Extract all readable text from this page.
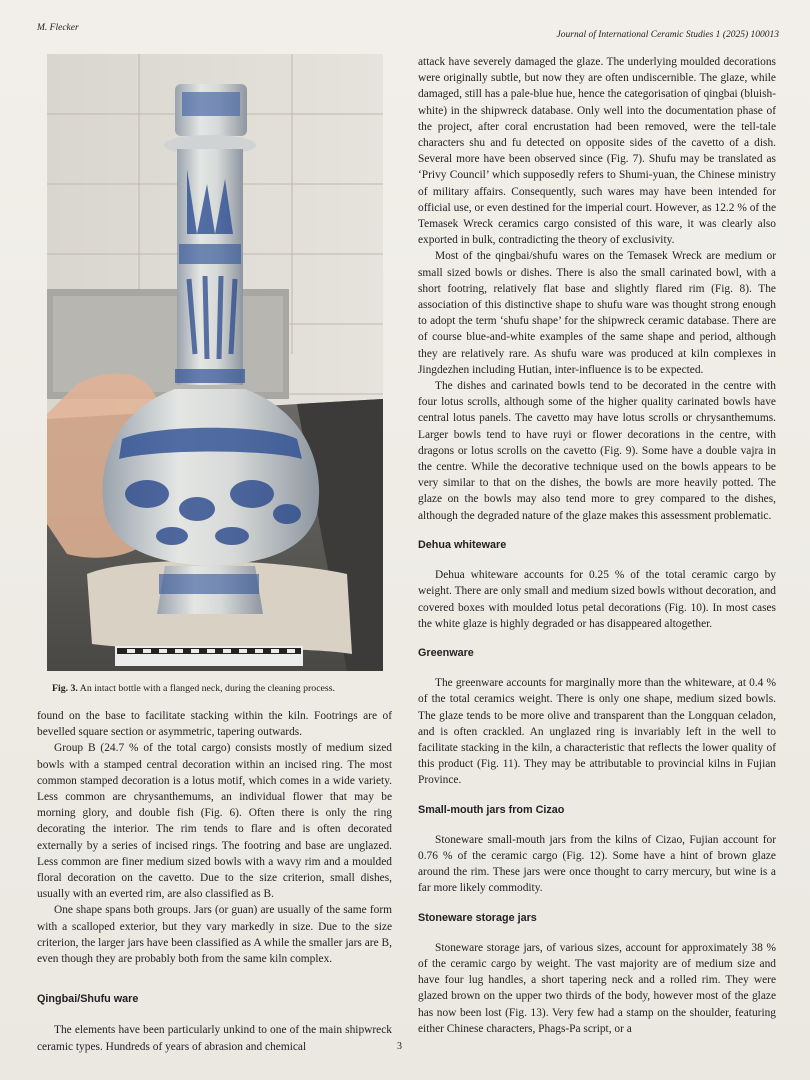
M. Flecker
Journal of International Ceramic Studies 1 (2025) 100013
Fig. 3. An intact bottle with a flanged neck, during the cleaning process.

found on the base to facilitate stacking within the kiln. Footrings are of bevelled square section or asymmetric, tapering outwards.

Group B (24.7 % of the total cargo) consists mostly of medium sized bowls with a stamped central decoration within an incised ring. The most common stamped decoration is a lotus motif, which comes in a wide variety. Less common are chrysanthemums, an individual flower that may be morning glory, and double fish (Fig. 6). Often there is only the ring decorating the interior. The rim tends to flare and is often decorated externally by a series of incised rings. The footring and base are unglazed. Less common are finer medium sized bowls with a wavy rim and a moulded floral decoration on the cavetto. Due to the size criterion, small dishes, usually with an everted rim, are also classified as B.

One shape spans both groups. Jars (or guan) are usually of the same form with a scalloped exterior, but they vary markedly in size. Due to the size criterion, the larger jars have been classified as A while the smaller jars are B, even though they are probably both from the same kiln complex.

Qingbai/Shufu ware

The elements have been particularly unkind to one of the main shipwreck ceramic types. Hundreds of years of abrasion and chemical

attack have severely damaged the glaze. The underlying moulded decorations were originally subtle, but now they are often undiscernible. The glaze, while damaged, still has a pale-blue hue, hence the categorisation of qingbai (bluish-white) in the shipwreck database. Only well into the documentation phase of the project, after coral encrustation had been removed, were the tell-tale characters shu and fu detected on opposite sides of the cavetto of a dish. Several more have been observed since (Fig. 7). Shufu may be translated as ‘Privy Council’ which supposedly refers to Shumi-yuan, the Chinese ministry of military affairs. Consequently, such wares may have been intended for official use, or even destined for the imperial court. However, as 12.2 % of the Temasek Wreck ceramics cargo consisted of this ware, it was clearly also exported in bulk, contradicting the theory of exclusivity.

Most of the qingbai/shufu wares on the Temasek Wreck are medium or small sized bowls or dishes. There is also the small carinated bowl, with a short footring, relatively flat base and slightly flared rim (Fig. 8). The association of this distinctive shape to shufu ware was thought strong enough to adopt the term ‘shufu shape’ for the shipwreck ceramic database. There are of course blue-and-white examples of the same shape and period, although they are relatively rare. As shufu ware was produced at kiln complexes in Jingdezhen including Hutian, inter-influence is to be expected.

The dishes and carinated bowls tend to be decorated in the centre with four lotus scrolls, although some of the higher quality carinated bowls have central lotus panels. The cavetto may have lotus scrolls or chrysanthemums. Larger bowls tend to have ruyi or flower decorations in the centre, with dragons or lotus scrolls on the cavetto (Fig. 9). Some have a double vajra in the centre. While the decorative technique used on the bowls appears to be very similar to that on the dishes, the bowls are more heavily potted. The glaze on the bowls may also tend more to grey compared to the dishes, although the degraded nature of the glaze makes this assessment problematic.

Dehua whiteware

Dehua whiteware accounts for 0.25 % of the total ceramic cargo by weight. There are only small and medium sized bowls without decoration, and covered boxes with moulded lotus petal decorations (Fig. 10). In most cases the white glaze is highly degraded or has disappeared altogether.

Greenware

The greenware accounts for marginally more than the whiteware, at 0.4 % of the total ceramics weight. There is only one shape, medium sized bowls. The glaze tends to be more olive and transparent than the Longquan celadon, and is often crackled. An unglazed ring is invariably left in the well to facilitate stacking in the kiln, a characteristic that reflects the lower quality of this product (Fig. 11). They may be attributable to provincial kilns in Fujian Province.

Small-mouth jars from Cizao

Stoneware small-mouth jars from the kilns of Cizao, Fujian account for 0.76 % of the ceramic cargo (Fig. 12). Some have a hint of brown glaze around the rim. These jars were once thought to carry mercury, but wine is a far more likely commodity.

Stoneware storage jars

Stoneware storage jars, of various sizes, account for approximately 38 % of the ceramic cargo by weight. The vast majority are of medium size and have four lug handles, a short tapering neck and a rolled rim. They were glazed brown on the upper two thirds of the body, however most of the glaze has now been lost (Fig. 13). Very few had a stamp on the shoulder, featuring either Chinese characters, Phags-Pa script, or a

3
